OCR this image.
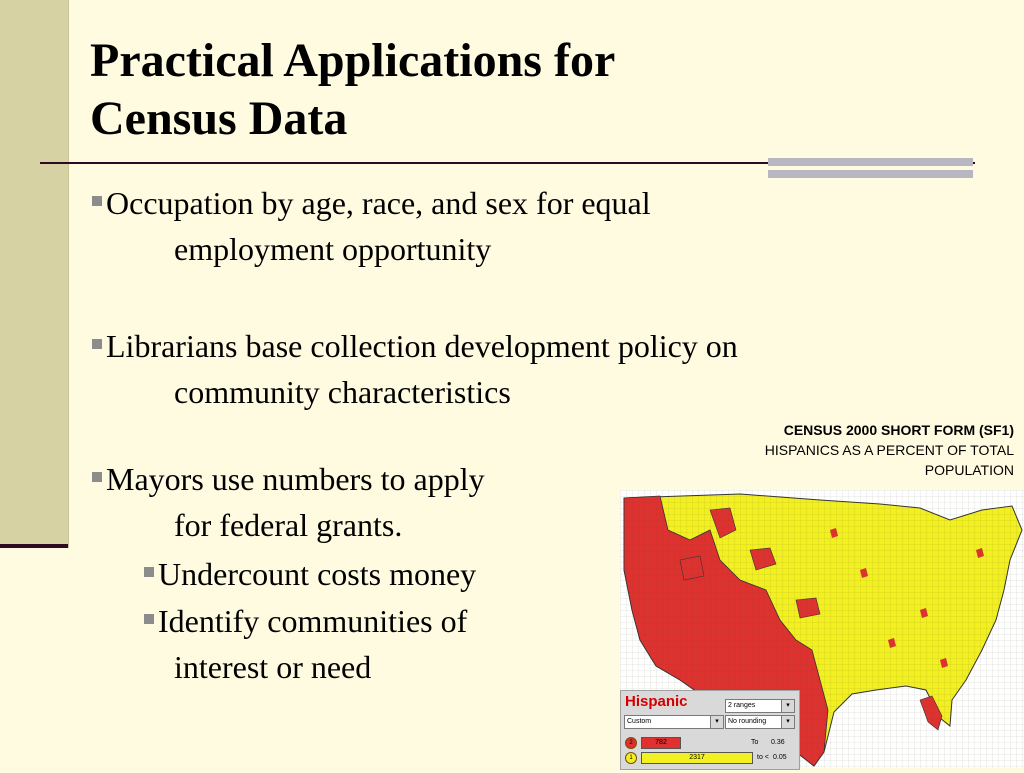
Practical Applications for
Census Data
Occupation by age, race, and sex for equal
employment opportunity
Librarians base collection development policy on
community characteristics
Mayors use numbers to apply
for federal grants.
Undercount costs money
Identify communities of
interest or need
CENSUS 2000 SHORT FORM (SF1)
HISPANICS AS A PERCENT OF TOTAL POPULATION
Hispanic	2 ranges	▾
Custom	▾	No rounding	▾
2	782	To 0.36
1	2317	to < 0.05
